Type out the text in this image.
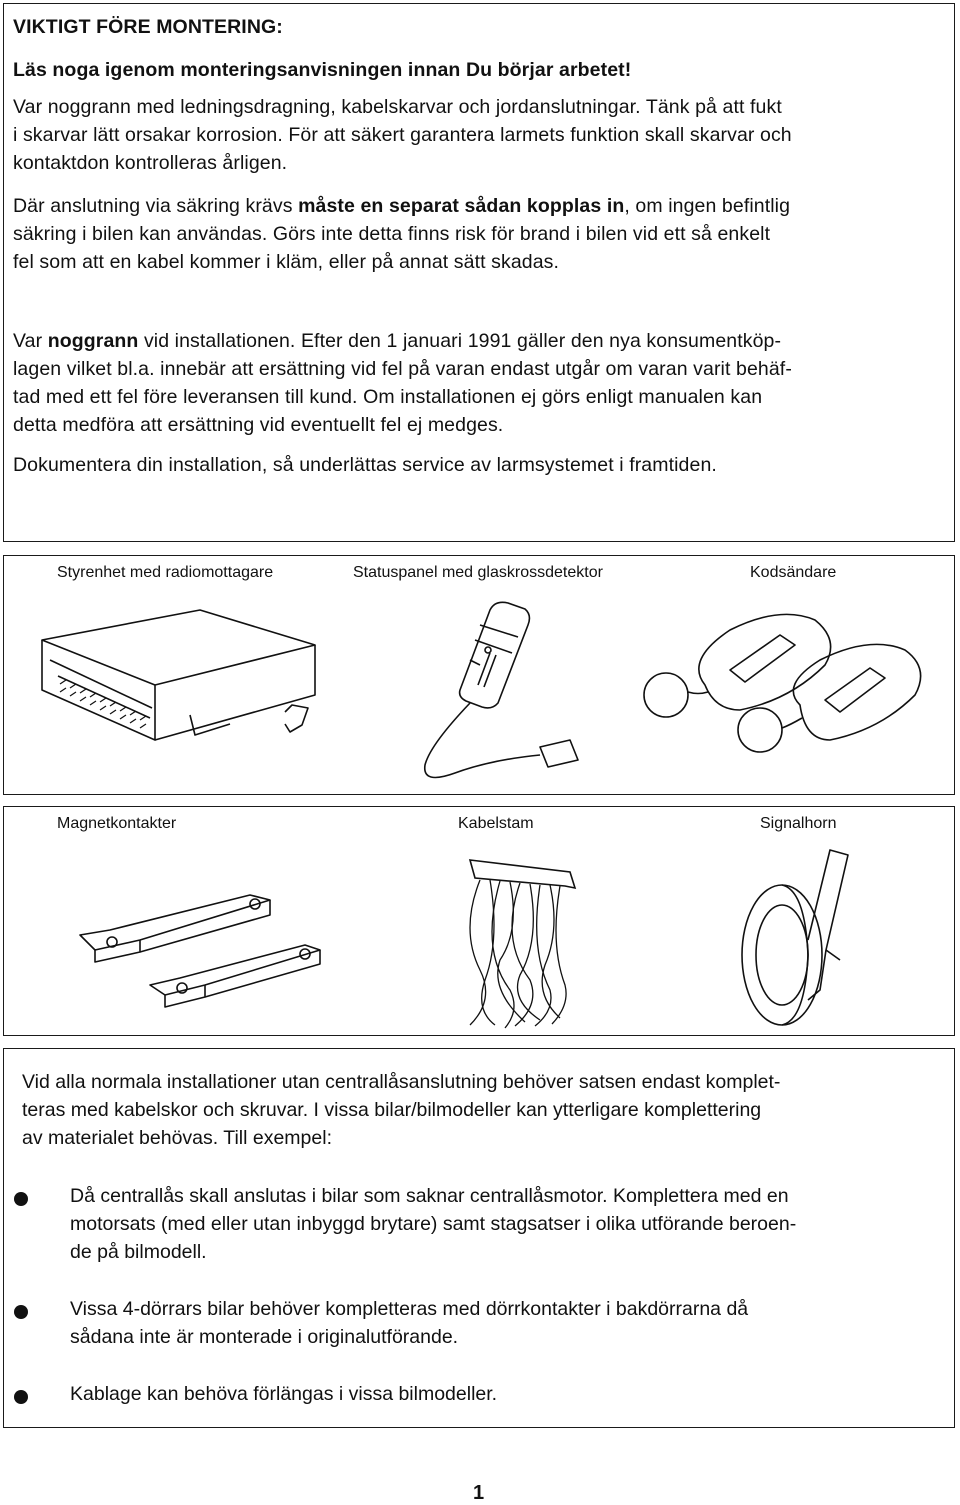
VIKTIGT FÖRE MONTERING:
Läs noga igenom monteringsanvisningen innan Du börjar arbetet!
Var noggrann med ledningsdragning, kabelskarvar och jordanslutningar. Tänk på att fukt
i skarvar lätt orsakar korrosion. För att säkert garantera larmets funktion skall skarvar och
kontaktdon kontrolleras årligen.
Där anslutning via säkring krävs måste en separat sådan kopplas in, om ingen befintlig
säkring i bilen kan användas. Görs inte detta finns risk för brand i bilen vid ett så enkelt
fel som att en kabel kommer i kläm, eller på annat sätt skadas.
Var noggrann vid installationen. Efter den 1 januari 1991 gäller den nya konsumentköp-
lagen vilket bl.a. innebär att ersättning vid fel på varan endast utgår om varan varit behäf-
tad med ett fel före leveransen till kund. Om installationen ej görs enligt manualen kan
detta medföra att ersättning vid eventuellt fel ej medges.
Dokumentera din installation, så underlättas service av larmsystemet i framtiden.
Styrenhet med radiomottagare	Statuspanel med glaskrossdetektor	Kodsändare
Magnetkontakter	Kabelstam	Signalhorn
Vid alla normala installationer utan centrallåsanslutning behöver satsen endast komplet-
teras med kabelskor och skruvar. I vissa bilar/bilmodeller kan ytterligare komplettering
av materialet behövas. Till exempel:
Då centrallås skall anslutas i bilar som saknar centrallåsmotor. Komplettera med en
motorsats (med eller utan inbyggd brytare) samt stagsatser i olika utförande beroen-
de på bilmodell.
Vissa 4-dörrars bilar behöver kompletteras med dörrkontakter i bakdörrarna då
sådana inte är monterade i originalutförande.
Kablage kan behöva förlängas i vissa bilmodeller.
1
